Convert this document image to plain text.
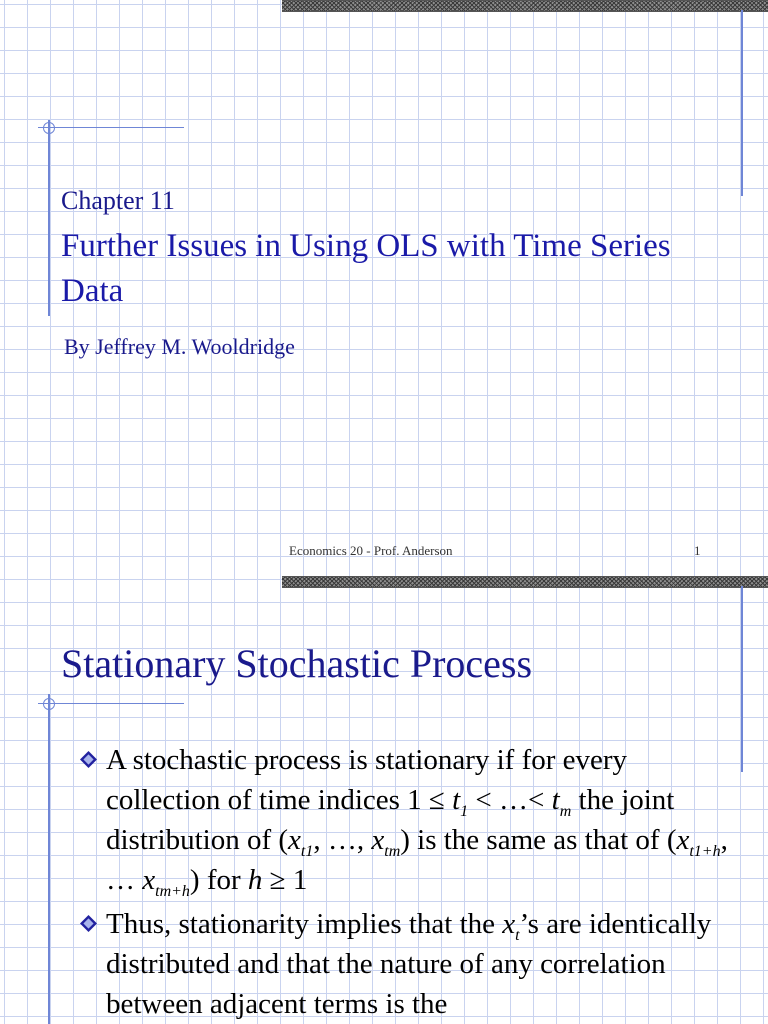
Chapter 11
Further Issues in Using OLS with Time Series Data
By Jeffrey M. Wooldridge
Economics 20 - Prof. Anderson	1
Stationary Stochastic Process
A stochastic process is stationary if for every collection of time indices $1 \le t_1$ < …< $t_m$ the joint distribution of ($x_{t1}$, …, $x_{tm}$) is the same as that of ($x_{t1+h}$, … $x_{tm+h}$) for h ≥ 1
Thus, stationarity implies that the $x_t’s$ are identically distributed and that the nature of any correlation between adjacent terms is the
